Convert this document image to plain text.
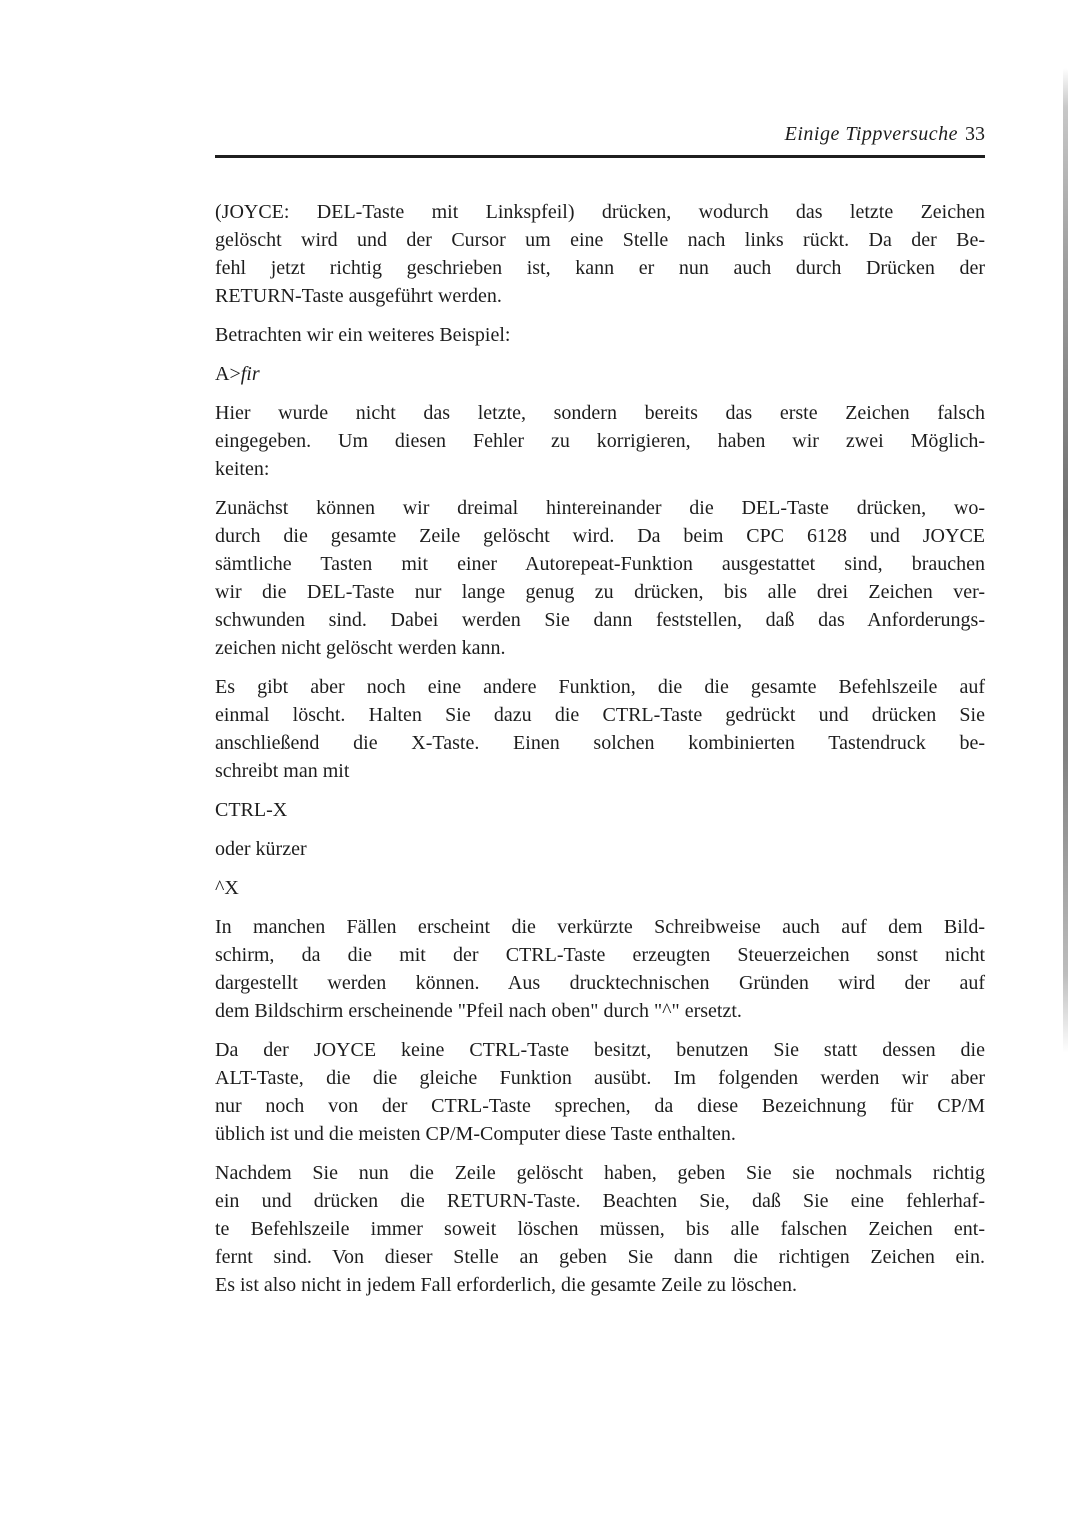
Einige Tippversuche 33
(JOYCE: DEL-Taste mit Linkspfeil) drücken, wodurch das letzte Zeichen
gelöscht wird und der Cursor um eine Stelle nach links rückt. Da der Be-
fehl jetzt richtig geschrieben ist, kann er nun auch durch Drücken der
RETURN-Taste ausgeführt werden.
Betrachten wir ein weiteres Beispiel:
A>fir
Hier wurde nicht das letzte, sondern bereits das erste Zeichen falsch
eingegeben. Um diesen Fehler zu korrigieren, haben wir zwei Möglich-
keiten:
Zunächst können wir dreimal hintereinander die DEL-Taste drücken, wo-
durch die gesamte Zeile gelöscht wird. Da beim CPC 6128 und JOYCE
sämtliche Tasten mit einer Autorepeat-Funktion ausgestattet sind, brauchen
wir die DEL-Taste nur lange genug zu drücken, bis alle drei Zeichen ver-
schwunden sind. Dabei werden Sie dann feststellen, daß das Anforderungs-
zeichen nicht gelöscht werden kann.
Es gibt aber noch eine andere Funktion, die die gesamte Befehlszeile auf
einmal löscht. Halten Sie dazu die CTRL-Taste gedrückt und drücken Sie
anschließend die X-Taste. Einen solchen kombinierten Tastendruck be-
schreibt man mit
CTRL-X
oder kürzer
^X
In manchen Fällen erscheint die verkürzte Schreibweise auch auf dem Bild-
schirm, da die mit der CTRL-Taste erzeugten Steuerzeichen sonst nicht
dargestellt werden können. Aus drucktechnischen Gründen wird der auf
dem Bildschirm erscheinende "Pfeil nach oben" durch "^" ersetzt.
Da der JOYCE keine CTRL-Taste besitzt, benutzen Sie statt dessen die
ALT-Taste, die die gleiche Funktion ausübt. Im folgenden werden wir aber
nur noch von der CTRL-Taste sprechen, da diese Bezeichnung für CP/M
üblich ist und die meisten CP/M-Computer diese Taste enthalten.
Nachdem Sie nun die Zeile gelöscht haben, geben Sie sie nochmals richtig
ein und drücken die RETURN-Taste. Beachten Sie, daß Sie eine fehlerhaf-
te Befehlszeile immer soweit löschen müssen, bis alle falschen Zeichen ent-
fernt sind. Von dieser Stelle an geben Sie dann die richtigen Zeichen ein.
Es ist also nicht in jedem Fall erforderlich, die gesamte Zeile zu löschen.
